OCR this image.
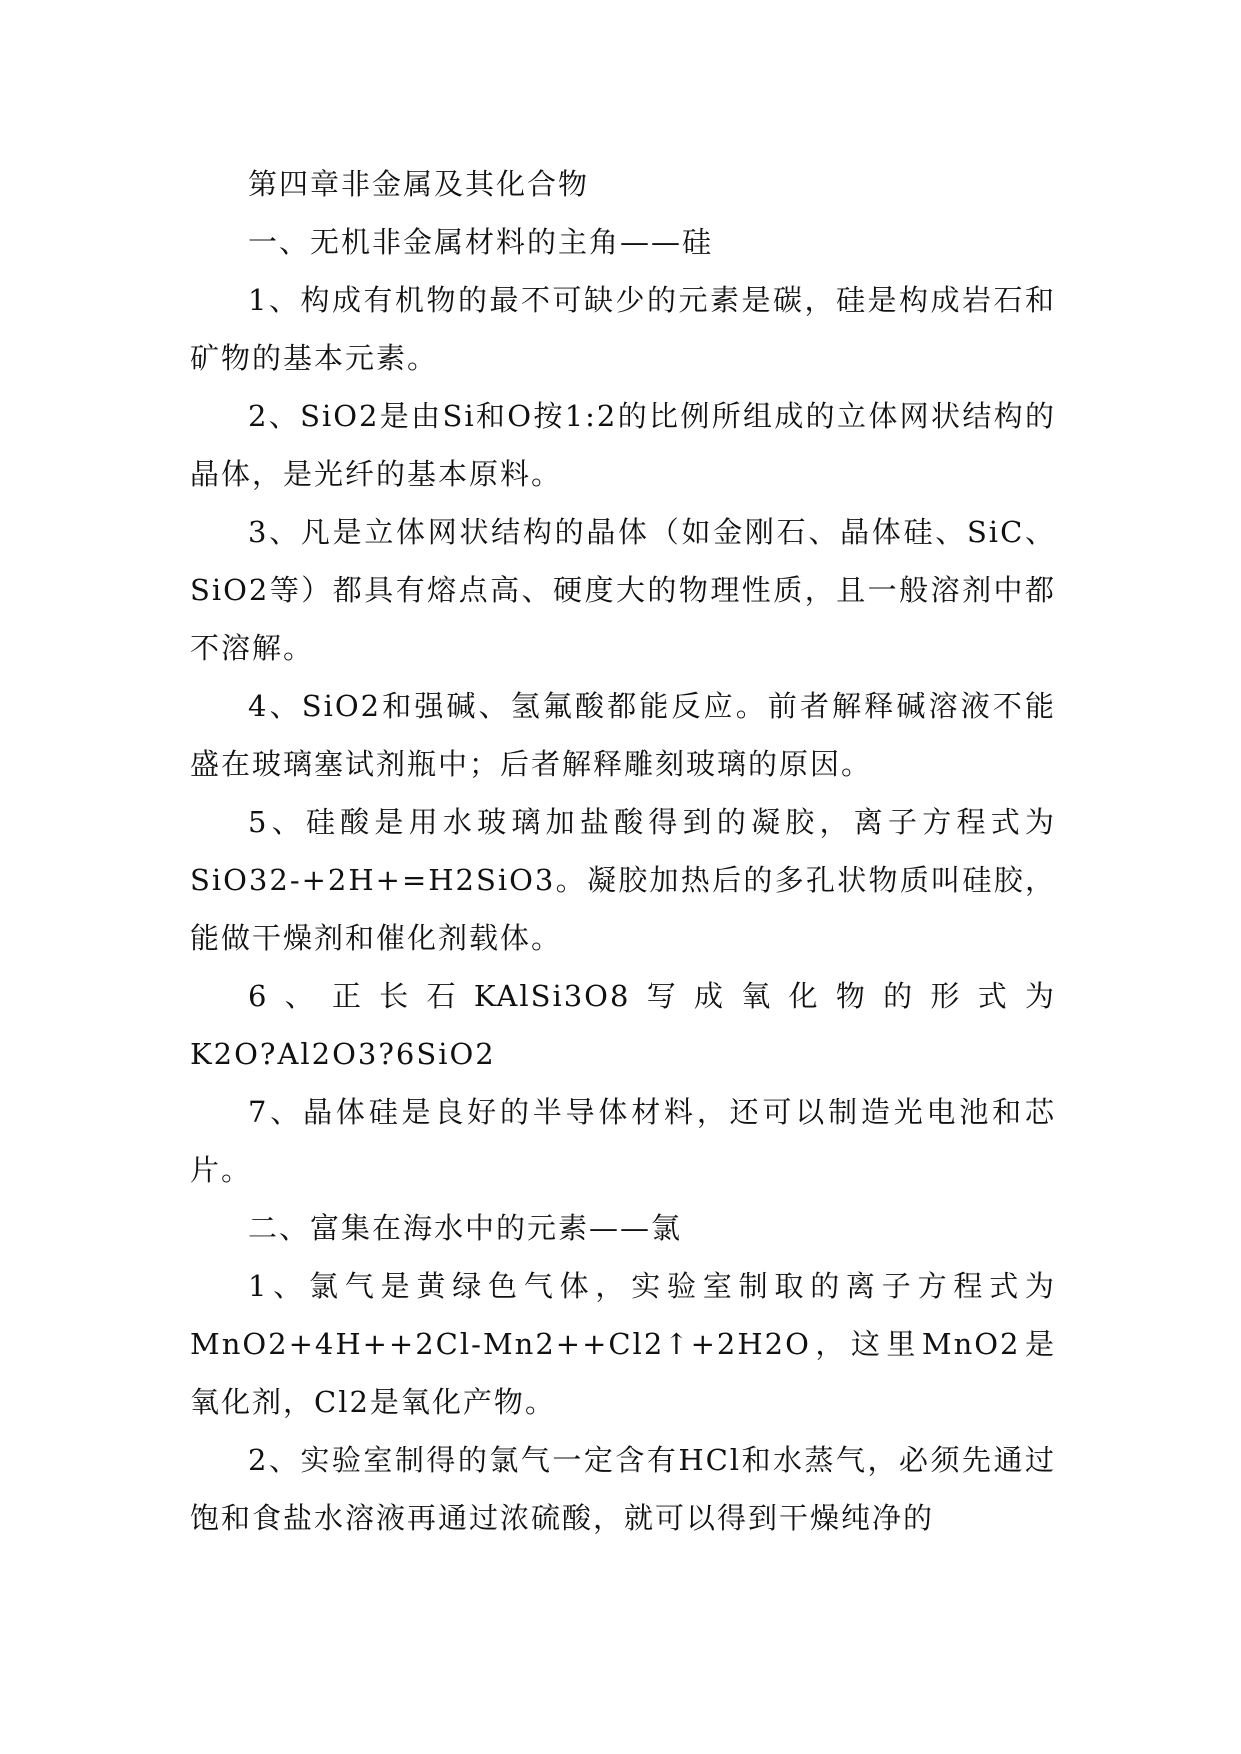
第四章非金属及其化合物

一、无机非金属材料的主角——硅

1、构成有机物的最不可缺少的元素是碳，硅是构成岩石和矿物的基本元素。

2、SiO2是由Si和O按1:2的比例所组成的立体网状结构的晶体，是光纤的基本原料。

3、凡是立体网状结构的晶体（如金刚石、晶体硅、SiC、SiO2等）都具有熔点高、硬度大的物理性质，且一般溶剂中都不溶解。

4、SiO2和强碱、氢氟酸都能反应。前者解释碱溶液不能盛在玻璃塞试剂瓶中；后者解释雕刻玻璃的原因。

5、硅酸是用水玻璃加盐酸得到的凝胶，离子方程式为SiO32-+2H+=H2SiO3。凝胶加热后的多孔状物质叫硅胶，能做干燥剂和催化剂载体。

6、正长石KAlSi3O8写成氧化物的形式为

K2O?Al2O3?6SiO2

7、晶体硅是良好的半导体材料，还可以制造光电池和芯片。

二、富集在海水中的元素——氯

1、氯气是黄绿色气体，实验室制取的离子方程式为MnO2+4H++2Cl-Mn2++Cl2↑+2H2O，这里MnO2是氧化剂，Cl2是氧化产物。

2、实验室制得的氯气一定含有HCl和水蒸气，必须先通过饱和食盐水溶液再通过浓硫酸，就可以得到干燥纯净的
